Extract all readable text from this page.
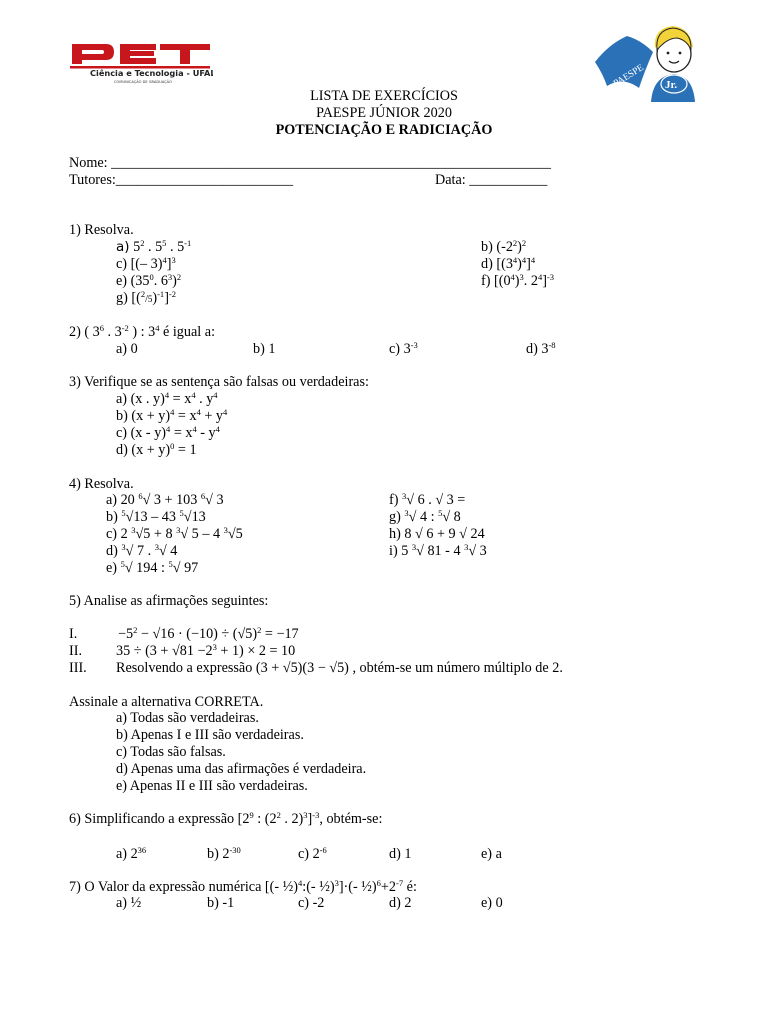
Ciência e Tecnologia - UFAL
COMUNICAÇÃO DE GRADUAÇÃO	PAESPE Jr.
LISTA DE EXERCÍCIOS
PAESPE JÚNIOR 2020
POTENCIAÇÃO E RADICIAÇÃO
Nome: ______________________________________________________________
Tutores:_________________________	Data: ___________
1) Resolva.
a) $5^2$ . $5^5$ . $5^{-1}$	b) $(-2^2)^2$
c) [(– 3)$^4$]$^3$	d) $[(3^4)^4]^4$
e) ($35^0$. $6^3)^2$	f) [$(0^4)^3$. $2^4]^{-3}$
g) $[(^2/5)^{-1}]^{-2}$
2) ( $3^6$ . $3^{-2}$ ) : $3^4$ é igual a:
a) 0	b) 1	c) $3^{-3}$	d) $3^{-8}$
3) Verifique se as sentença são falsas ou verdadeiras:
a) (x . $y)^4 = x^4$ . $y^4$
b) $(x + y)^4 = x^4 + y^4$
c) $(x - y)^4 = x^4 - y^4$
d) $(x + y)^0 = 1$
4) Resolva.
a) 20 $^6$√ 3 + 103 $^6$√ 3
b) $^5$√13 – 43 $^5$√13
c) 2 $^3$√5 + 8 $^3$√ 5 – 4 $^3$√5
d) $^3$√ 7 . $^3$√ 4
e) $^5$√ 194 : $^5$√ 97
f) $^3$√ 6 . √ 3 =
g) $^3$√ 4 : $^5$√ 8
h) 8 √ 6 + 9 √ 24
i) 5 $^3$√ 81 - 4 $^3$√ 3
5) Analise as afirmações seguintes:
I.	$-5^2 - √16 \cdot (-10) \div (√5)^2 = -17$
II. $35 \div (3 + √81 -2^3 + 1) \times 2 = 10$
III. Resolvendo a expressão (3 + √5)(3 − √5) , obtém-se um número múltiplo de 2.
Assinale a alternativa CORRETA.
a) Todas são verdadeiras.
b) Apenas I e III são verdadeiras.
c) Todas são falsas.
d) Apenas uma das afirmações é verdadeira.
e) Apenas II e III são verdadeiras.
6) Simplificando a expressão [$2^9$ : ($2^2$ . 2)$^3$]$^{-3}$, obtém-se:
a) $2^{36}$	b) $2^{-30}$	c) $2^{-6}$	d) 1	e) a
7) O Valor da expressão numérica [(- ½)$^4$:(- ½)$^3$]·(- $\frac{1}{2})^6+2^{-7}$ é:
a) ½	b) -1	c) -2	d) 2	e) 0
